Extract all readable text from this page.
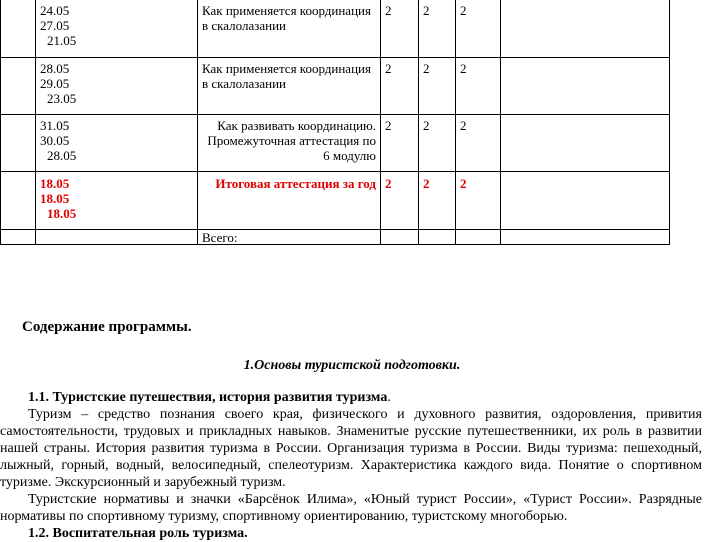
24.05
27.05
21.05
Как применяется координация в скалолазании
2 2 2
28.05
29.05
23.05
Как применяется координация в скалолазании
2 2 2
31.05
30.05
28.05
Как развивать координацию. Промежуточная аттестация по 6 модулю
2 2 2
18.05
18.05
18.05
Итоговая аттестация за год 2 2 2
Всего:
Содержание программы.
1.Основы туристской подготовки.
1.1. Туристские путешествия, история развития туризма.
Туризм – средство познания своего края, физического и духовного развития, оздоровления, привития самостоятельности, трудовых и прикладных навыков. Знаменитые русские путешественники, их роль в развитии нашей страны. История развития туризма в России. Организация туризма в России. Виды туризма: пешеходный, лыжный, горный, водный, велосипедный, спелеотуризм. Характеристика каждого вида. Понятие о спортивном туризме. Экскурсионный и зарубежный туризм.
Туристские нормативы и значки «Барсёнок Илима», «Юный турист России», «Турист России». Разрядные нормативы по спортивному туризму, спортивному ориентированию, туристскому многоборью.
1.2. Воспитательная роль туризма.
